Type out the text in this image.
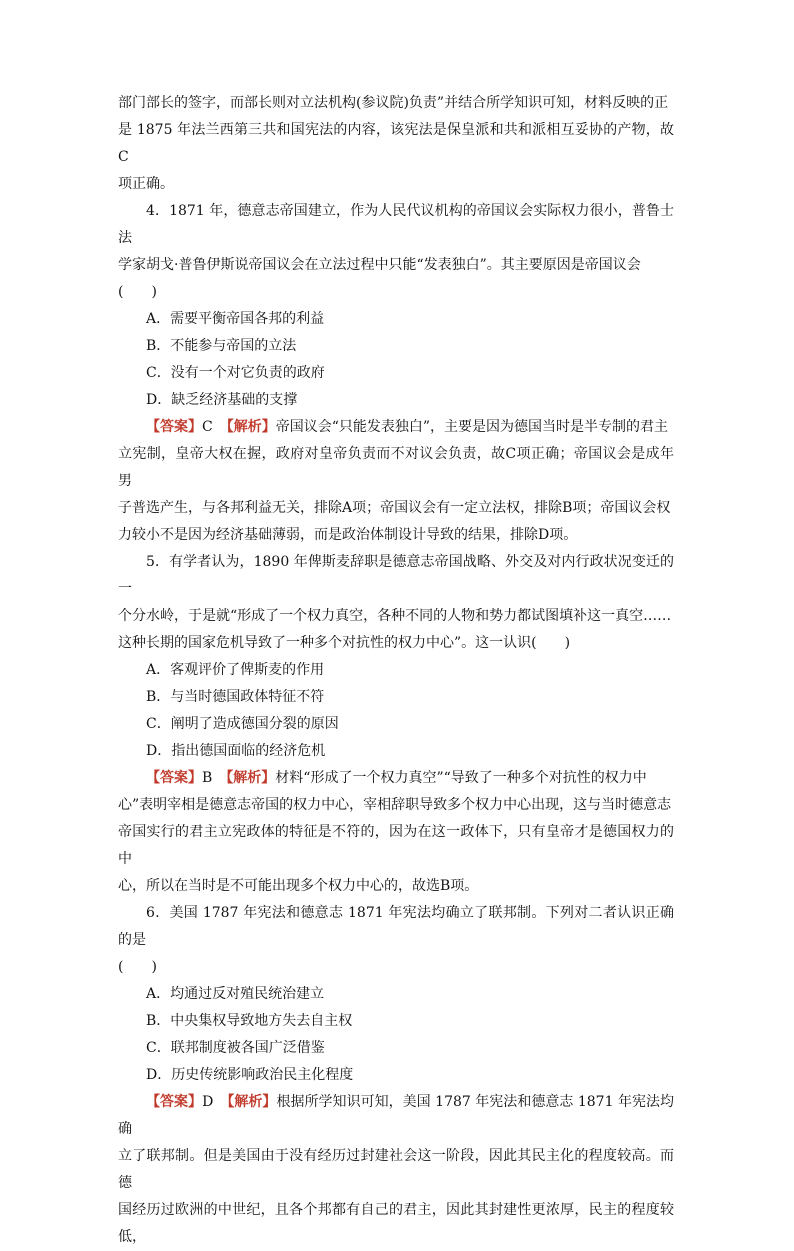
部门部长的签字，而部长则对立法机构(参议院)负责”并结合所学知识可知，材料反映的正
是 1875 年法兰西第三共和国宪法的内容，该宪法是保皇派和共和派相互妥协的产物，故C
项正确。

4．1871 年，德意志帝国建立，作为人民代议机构的帝国议会实际权力很小，普鲁士法
学家胡戈·普鲁伊斯说帝国议会在立法过程中只能“发表独白”。其主要原因是帝国议会
(　　)

A．需要平衡帝国各邦的利益

B．不能参与帝国的立法

C．没有一个对它负责的政府

D．缺乏经济基础的支撑

【答案】C　 【解析】帝国议会“只能发表独白”，主要是因为德国当时是半专制的君主
立宪制，皇帝大权在握，政府对皇帝负责而不对议会负责，故C项正确；帝国议会是成年男
子普选产生，与各邦利益无关，排除A项；帝国议会有一定立法权，排除B项；帝国议会权
力较小不是因为经济基础薄弱，而是政治体制设计导致的结果，排除D项。

5．有学者认为，1890 年俾斯麦辞职是德意志帝国战略、外交及对内行政状况变迁的一
个分水岭，于是就“形成了一个权力真空，各种不同的人物和势力都试图填补这一真空……
这种长期的国家危机导致了一种多个对抗性的权力中心”。这一认识(　　)

A．客观评价了俾斯麦的作用

B．与当时德国政体特征不符

C．阐明了造成德国分裂的原因

D．指出德国面临的经济危机

【答案】B　 【解析】材料“形成了一个权力真空”“导致了一种多个对抗性的权力中
心”表明宰相是德意志帝国的权力中心，宰相辞职导致多个权力中心出现，这与当时德意志
帝国实行的君主立宪政体的特征是不符的，因为在这一政体下，只有皇帝才是德国权力的中
心，所以在当时是不可能出现多个权力中心的，故选B项。

6．美国 1787 年宪法和德意志 1871 年宪法均确立了联邦制。下列对二者认识正确的是
(　　)

A．均通过反对殖民统治建立

B．中央集权导致地方失去自主权

C．联邦制度被各国广泛借鉴

D．历史传统影响政治民主化程度

【答案】D　 【解析】根据所学知识可知，美国 1787 年宪法和德意志 1871 年宪法均确
立了联邦制。但是美国由于没有经历过封建社会这一阶段，因此其民主化的程度较高。而德
国经历过欧洲的中世纪，且各个邦都有自己的君主，因此其封建性更浓厚，民主的程度较低，
